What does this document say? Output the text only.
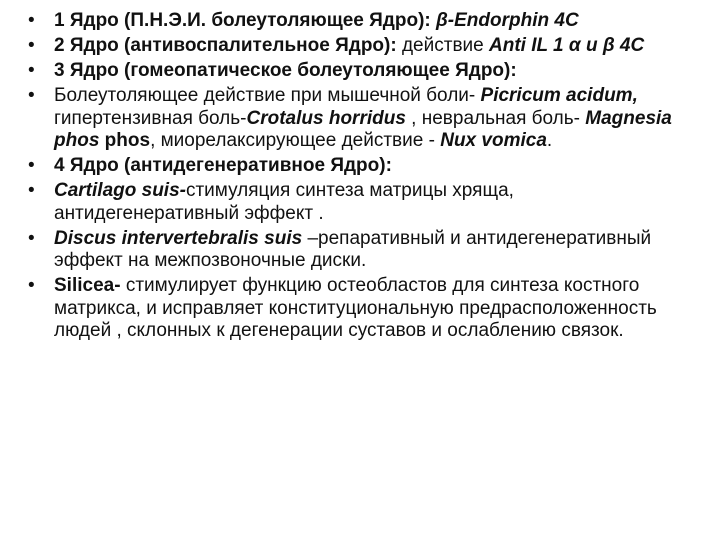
• 1 Ядро (П.Н.Э.И. болеутоляющее Ядро): β-Endorphin 4C
• 2 Ядро (антивоспалительное Ядро): действие Anti IL 1 α и β 4C
• 3 Ядро (гомеопатическое болеутоляющее Ядро):
• Болеутоляющее действие при мышечной боли- Picricum acidum, гипертензивная боль-Crotalus horridus , невральная боль- Magnesia phos phos, миорелаксирующее действие - Nux vomica.
• 4 Ядро (антидегенеративное Ядро):
• Cartilago suis-стимуляция синтеза матрицы хряща, антидегенеративный эффект .
• Discus intervertebralis suis –репаративный и антидегенеративный эффект на межпозвоночные диски.
• Silicea- стимулирует функцию остеобластов для синтеза костного матрикса, и исправляет конституциональную предрасположенность людей , склонных к дегенерации суставов и ослаблению связок.
